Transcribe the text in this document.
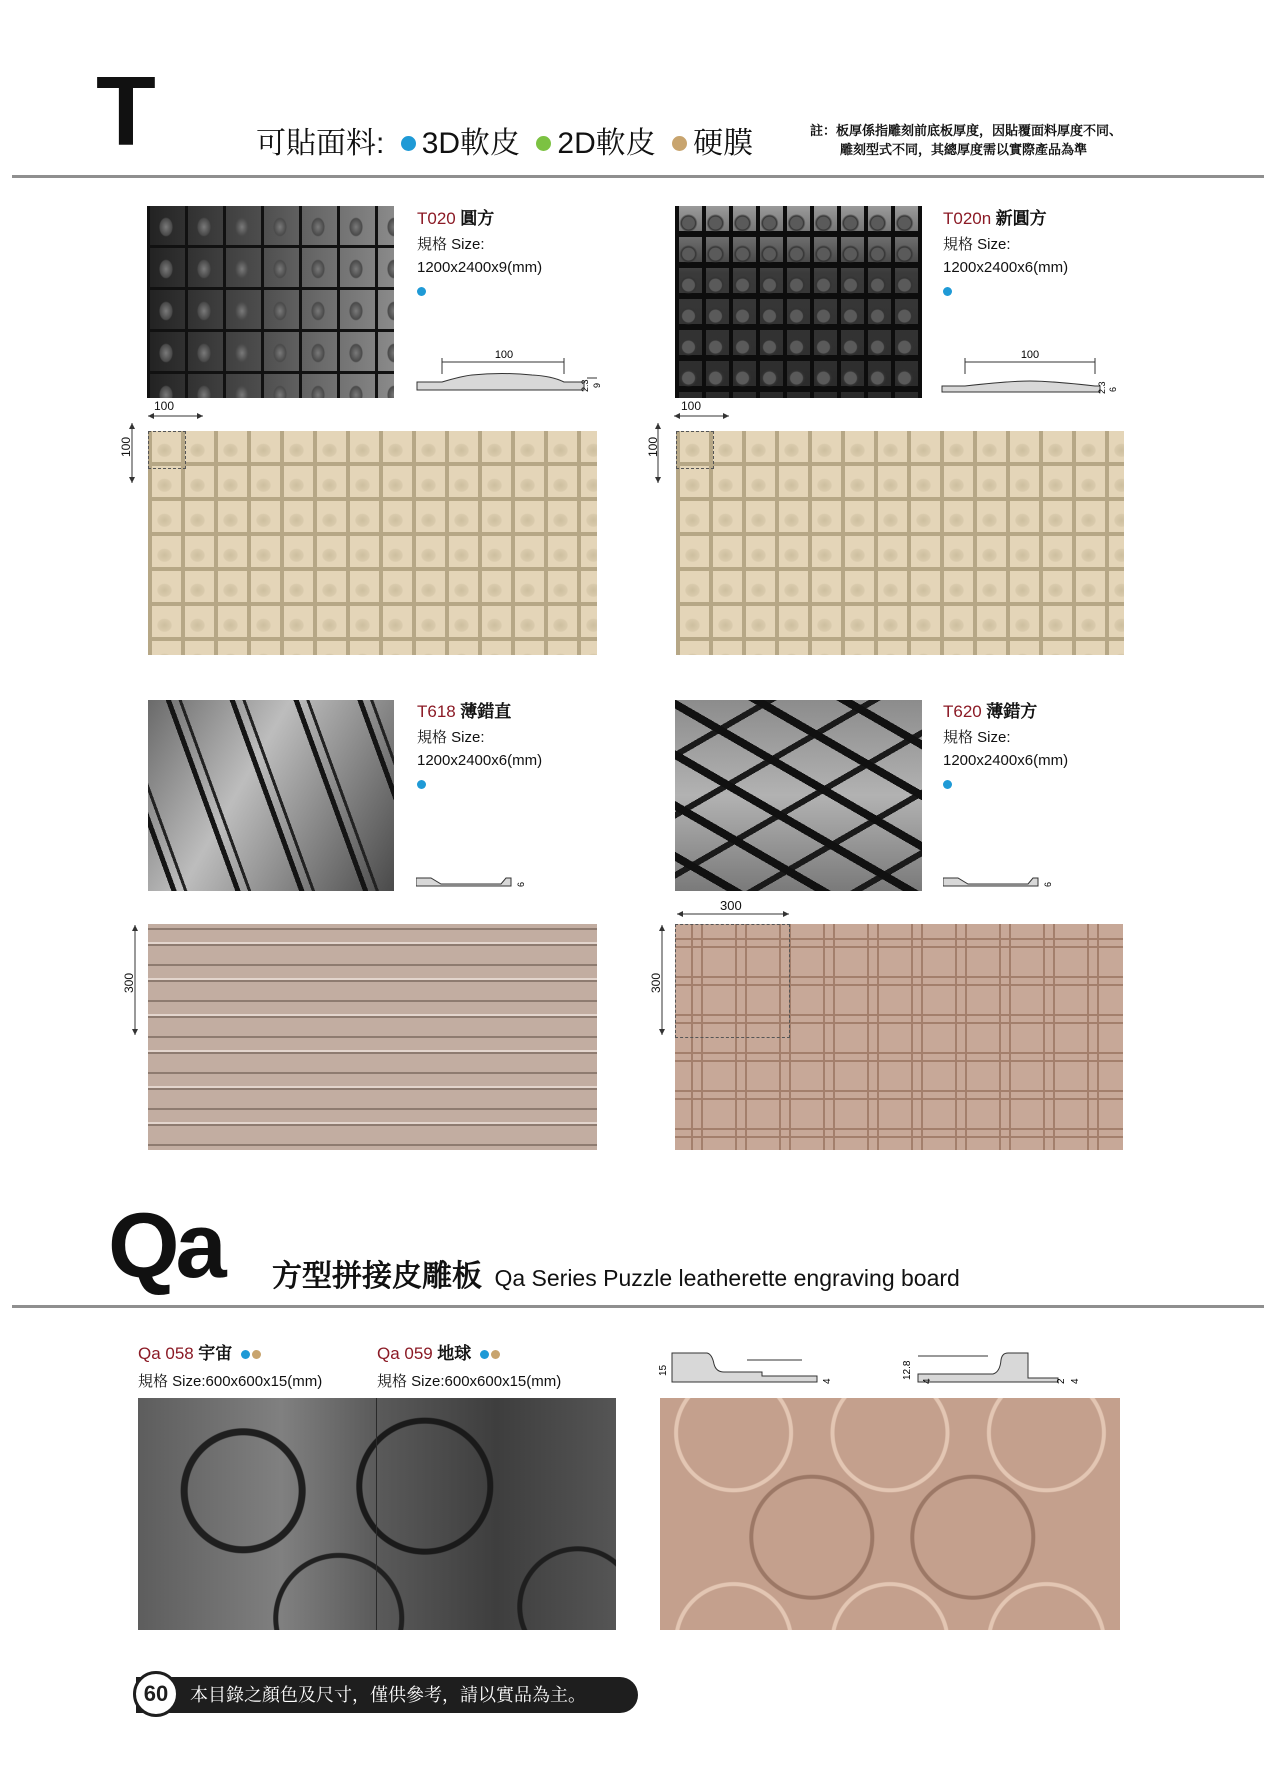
T	可貼面料: 3D軟皮 2D軟皮 硬膜	註：板厚係指雕刻前底板厚度，因貼覆面料厚度不同、
雕刻型式不同，其總厚度需以實際產品為準
T020 圓方
規格 Size:
1200x2400x9(mm)
100
2.3 9
100
100
T020n 新圓方
規格 Size:
1200x2400x6(mm)
100
2.3 6
100
100
T618 薄錯直
規格 Size:
1200x2400x6(mm)
6
300
T620 薄錯方
規格 Size:
1200x2400x6(mm)
6
300
300
Qa 方型拼接皮雕板 Qa Series Puzzle leatherette engraving board
Qa 058 宇宙
規格 Size:600x600x15(mm)
Qa 059 地球
規格 Size:600x600x15(mm)
15
4
12.8
4	2 4
本目錄之顏色及尺寸，僅供參考，請以實品為主。
60
